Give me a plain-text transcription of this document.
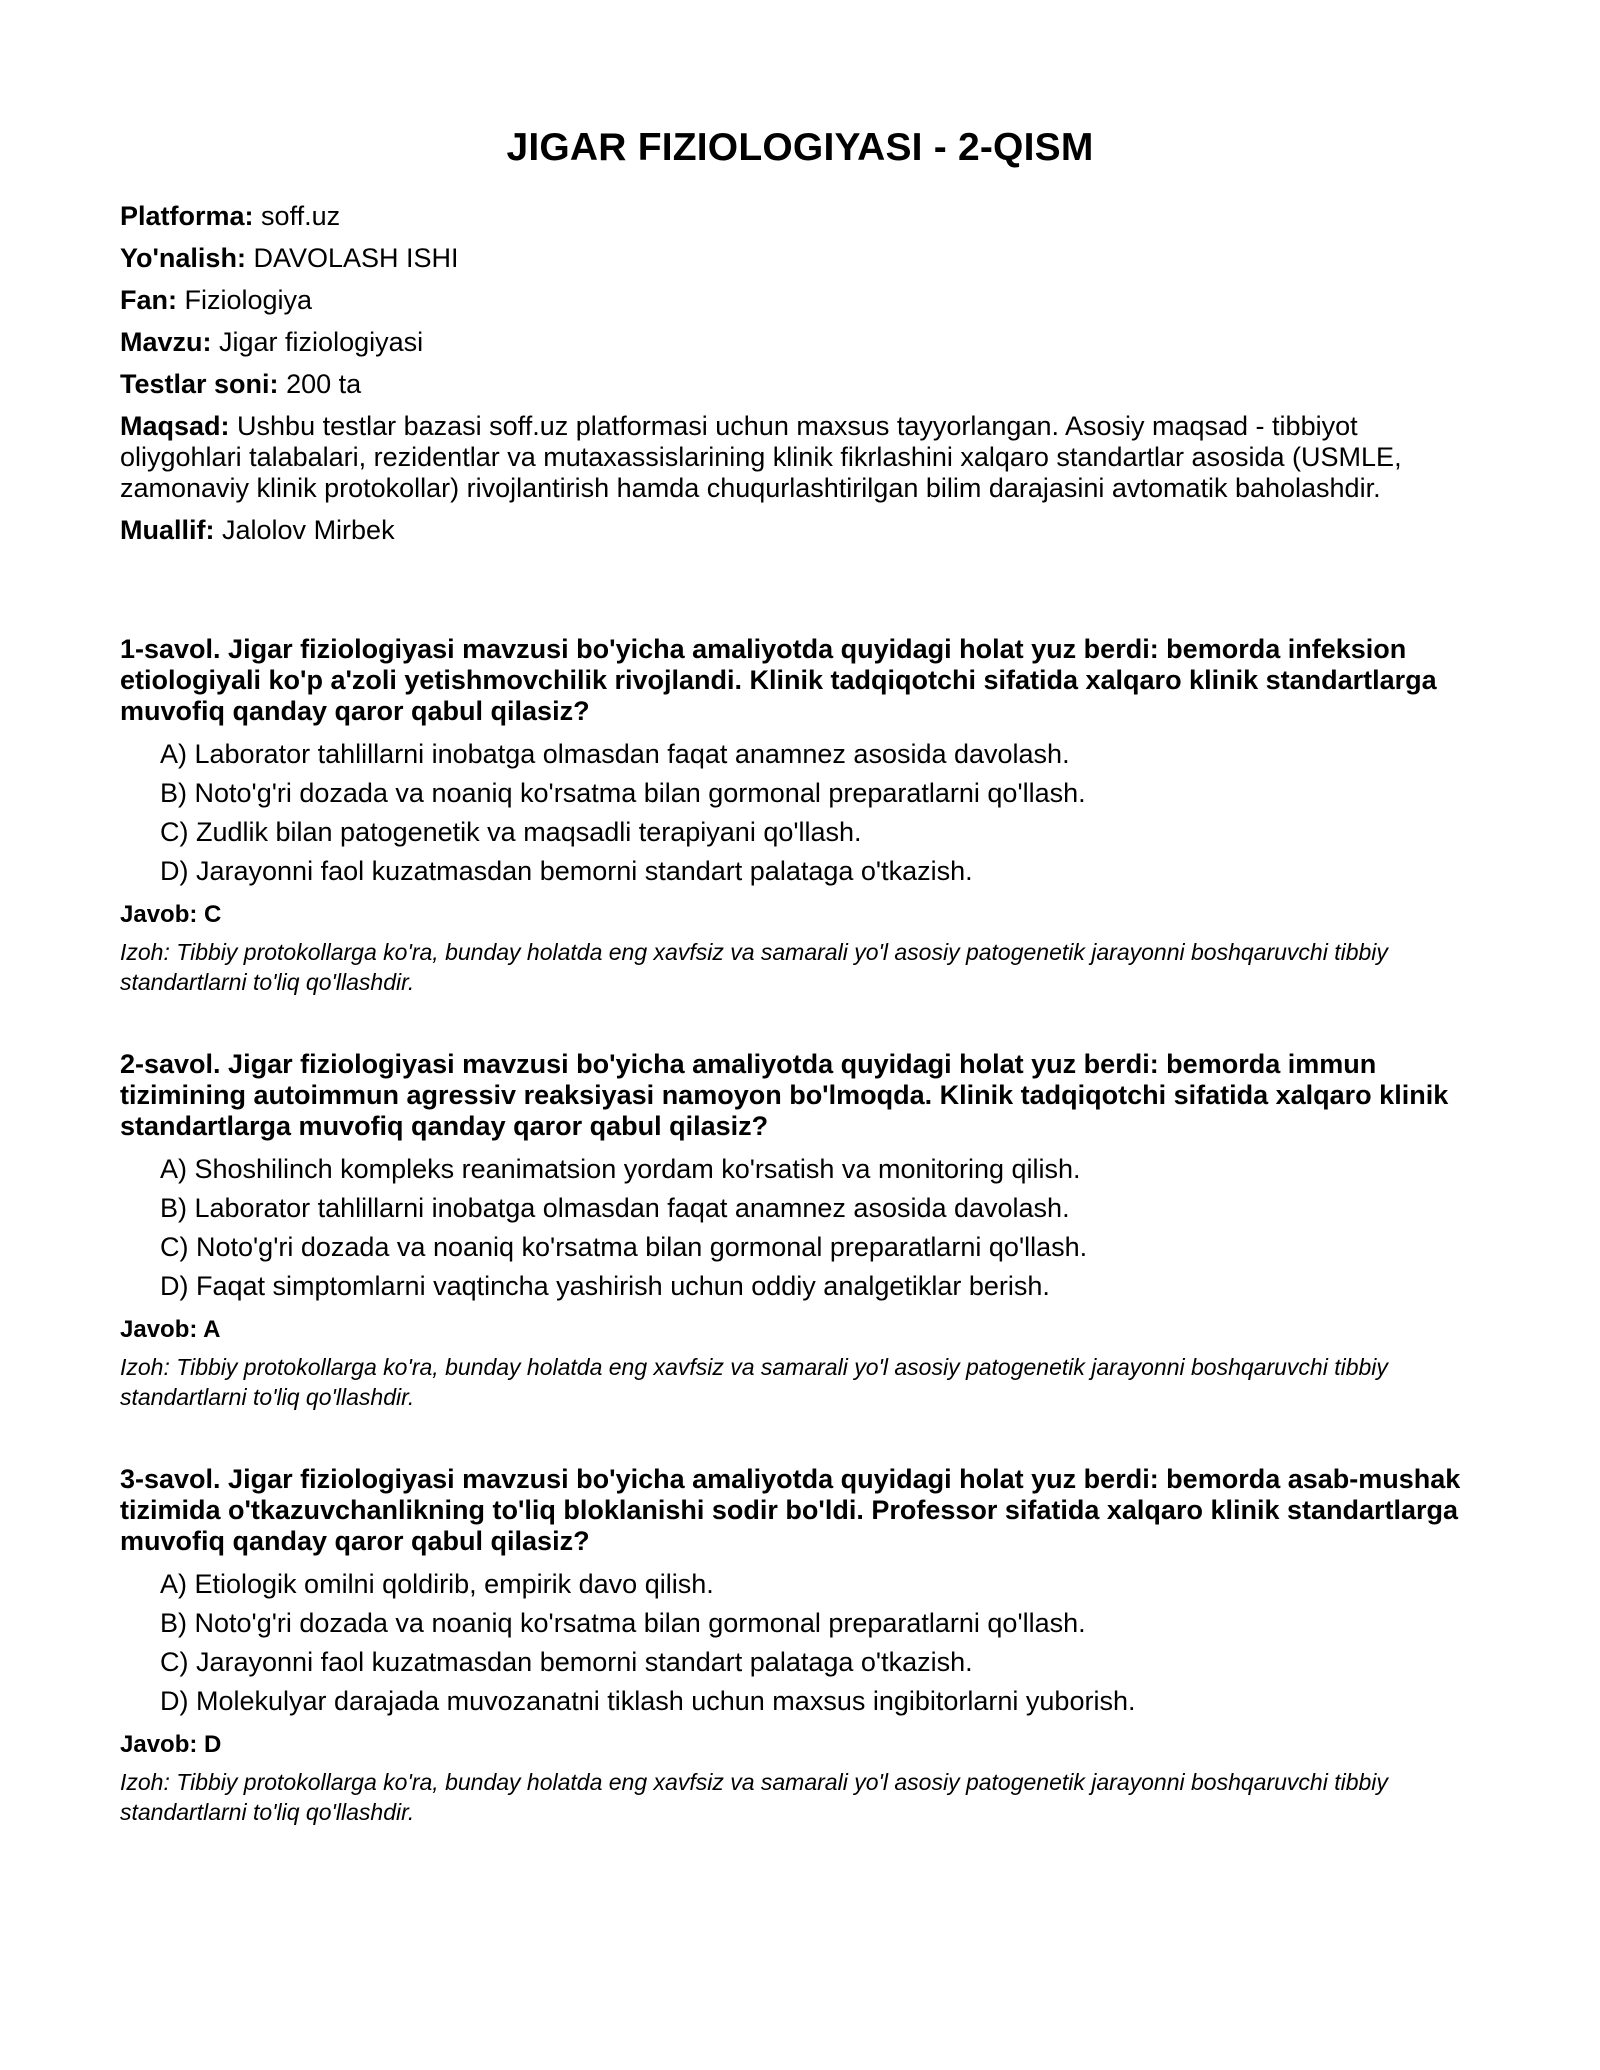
JIGAR FIZIOLOGIYASI - 2-QISM
Platforma: soff.uz
Yo'nalish: DAVOLASH ISHI
Fan: Fiziologiya
Mavzu: Jigar fiziologiyasi
Testlar soni: 200 ta
Maqsad: Ushbu testlar bazasi soff.uz platformasi uchun maxsus tayyorlangan. Asosiy maqsad - tibbiyot oliygohlari talabalari, rezidentlar va mutaxassislarining klinik fikrlashini xalqaro standartlar asosida (USMLE, zamonaviy klinik protokollar) rivojlantirish hamda chuqurlashtirilgan bilim darajasini avtomatik baholashdir.
Muallif: Jalolov Mirbek

1-savol. Jigar fiziologiyasi mavzusi bo'yicha amaliyotda quyidagi holat yuz berdi: bemorda infeksion etiologiyali ko'p a'zoli yetishmovchilik rivojlandi. Klinik tadqiqotchi sifatida xalqaro klinik standartlarga muvofiq qanday qaror qabul qilasiz?

A) Laborator tahlillarni inobatga olmasdan faqat anamnez asosida davolash.
B) Noto'g'ri dozada va noaniq ko'rsatma bilan gormonal preparatlarni qo'llash.
C) Zudlik bilan patogenetik va maqsadli terapiyani qo'llash.
D) Jarayonni faol kuzatmasdan bemorni standart palataga o'tkazish.
Javob: C

Izoh: Tibbiy protokollarga ko'ra, bunday holatda eng xavfsiz va samarali yo'l asosiy patogenetik jarayonni boshqaruvchi tibbiy standartlarni to'liq qo'llashdir.

2-savol. Jigar fiziologiyasi mavzusi bo'yicha amaliyotda quyidagi holat yuz berdi: bemorda immun tizimining autoimmun agressiv reaksiyasi namoyon bo'lmoqda. Klinik tadqiqotchi sifatida xalqaro klinik standartlarga muvofiq qanday qaror qabul qilasiz?

A) Shoshilinch kompleks reanimatsion yordam ko'rsatish va monitoring qilish.
B) Laborator tahlillarni inobatga olmasdan faqat anamnez asosida davolash.
C) Noto'g'ri dozada va noaniq ko'rsatma bilan gormonal preparatlarni qo'llash.
D) Faqat simptomlarni vaqtincha yashirish uchun oddiy analgetiklar berish.
Javob: A

Izoh: Tibbiy protokollarga ko'ra, bunday holatda eng xavfsiz va samarali yo'l asosiy patogenetik jarayonni boshqaruvchi tibbiy standartlarni to'liq qo'llashdir.

3-savol. Jigar fiziologiyasi mavzusi bo'yicha amaliyotda quyidagi holat yuz berdi: bemorda asab-mushak tizimida o'tkazuvchanlikning to'liq bloklanishi sodir bo'ldi. Professor sifatida xalqaro klinik standartlarga muvofiq qanday qaror qabul qilasiz?

A) Etiologik omilni qoldirib, empirik davo qilish.
B) Noto'g'ri dozada va noaniq ko'rsatma bilan gormonal preparatlarni qo'llash.
C) Jarayonni faol kuzatmasdan bemorni standart palataga o'tkazish.
D) Molekulyar darajada muvozanatni tiklash uchun maxsus ingibitorlarni yuborish.
Javob: D

Izoh: Tibbiy protokollarga ko'ra, bunday holatda eng xavfsiz va samarali yo'l asosiy patogenetik jarayonni boshqaruvchi tibbiy standartlarni to'liq qo'llashdir.
